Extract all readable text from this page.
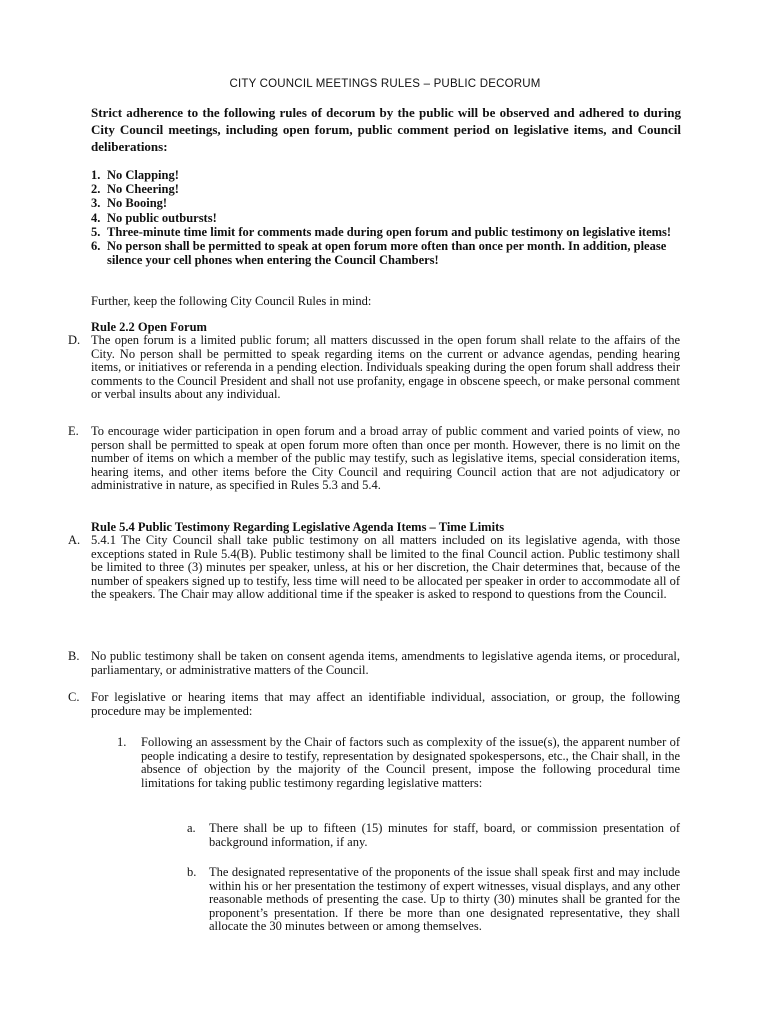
CITY COUNCIL MEETINGS RULES – PUBLIC DECORUM
Strict adherence to the following rules of decorum by the public will be observed and adhered to during City Council meetings, including open forum, public comment period on legislative items, and Council deliberations:
1. No Clapping!
2. No Cheering!
3. No Booing!
4. No public outbursts!
5. Three-minute time limit for comments made during open forum and public testimony on legislative items!
6. No person shall be permitted to speak at open forum more often than once per month. In addition, please silence your cell phones when entering the Council Chambers!
Further, keep the following City Council Rules in mind:
Rule 2.2 Open Forum
D. The open forum is a limited public forum; all matters discussed in the open forum shall relate to the affairs of the City. No person shall be permitted to speak regarding items on the current or advance agendas, pending hearing items, or initiatives or referenda in a pending election. Individuals speaking during the open forum shall address their comments to the Council President and shall not use profanity, engage in obscene speech, or make personal comment or verbal insults about any individual.
E. To encourage wider participation in open forum and a broad array of public comment and varied points of view, no person shall be permitted to speak at open forum more often than once per month. However, there is no limit on the number of items on which a member of the public may testify, such as legislative items, special consideration items, hearing items, and other items before the City Council and requiring Council action that are not adjudicatory or administrative in nature, as specified in Rules 5.3 and 5.4.
Rule 5.4 Public Testimony Regarding Legislative Agenda Items – Time Limits
A. 5.4.1 The City Council shall take public testimony on all matters included on its legislative agenda, with those exceptions stated in Rule 5.4(B). Public testimony shall be limited to the final Council action. Public testimony shall be limited to three (3) minutes per speaker, unless, at his or her discretion, the Chair determines that, because of the number of speakers signed up to testify, less time will need to be allocated per speaker in order to accommodate all of the speakers. The Chair may allow additional time if the speaker is asked to respond to questions from the Council.
B. No public testimony shall be taken on consent agenda items, amendments to legislative agenda items, or procedural, parliamentary, or administrative matters of the Council.
C. For legislative or hearing items that may affect an identifiable individual, association, or group, the following procedure may be implemented:
1. Following an assessment by the Chair of factors such as complexity of the issue(s), the apparent number of people indicating a desire to testify, representation by designated spokespersons, etc., the Chair shall, in the absence of objection by the majority of the Council present, impose the following procedural time limitations for taking public testimony regarding legislative matters:
a. There shall be up to fifteen (15) minutes for staff, board, or commission presentation of background information, if any.
b. The designated representative of the proponents of the issue shall speak first and may include within his or her presentation the testimony of expert witnesses, visual displays, and any other reasonable methods of presenting the case. Up to thirty (30) minutes shall be granted for the proponent’s presentation. If there be more than one designated representative, they shall allocate the 30 minutes between or among themselves.
